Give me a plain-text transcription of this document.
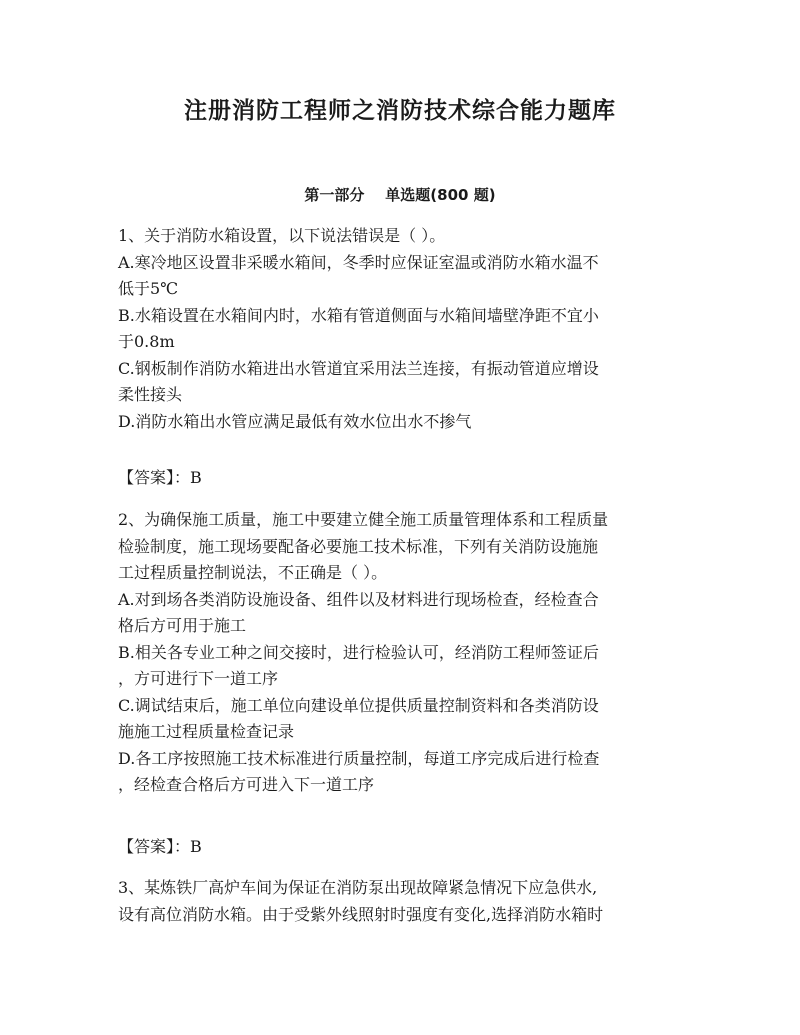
注册消防工程师之消防技术综合能力题库
第一部分    单选题(800 题)
1、关于消防水箱设置，以下说法错误是（ ）。
A.寒冷地区设置非采暖水箱间，冬季时应保证室温或消防水箱水温不
低于5℃
B.水箱设置在水箱间内时，水箱有管道侧面与水箱间墙壁净距不宜小
于0.8m
C.钢板制作消防水箱进出水管道宜采用法兰连接，有振动管道应增设
柔性接头
D.消防水箱出水管应满足最低有效水位出水不掺气
【答案】：B
2、为确保施工质量，施工中要建立健全施工质量管理体系和工程质量
检验制度，施工现场要配备必要施工技术标准，下列有关消防设施施
工过程质量控制说法，不正确是（ ）。
A.对到场各类消防设施设备、组件以及材料进行现场检查，经检查合
格后方可用于施工
B.相关各专业工种之间交接时，进行检验认可，经消防工程师签证后
，方可进行下一道工序
C.调试结束后，施工单位向建设单位提供质量控制资料和各类消防设
施施工过程质量检查记录
D.各工序按照施工技术标准进行质量控制，每道工序完成后进行检查
，经检查合格后方可进入下一道工序
【答案】：B
3、某炼铁厂高炉车间为保证在消防泵出现故障紧急情况下应急供水,
设有高位消防水箱。由于受紫外线照射时强度有变化,选择消防水箱时
